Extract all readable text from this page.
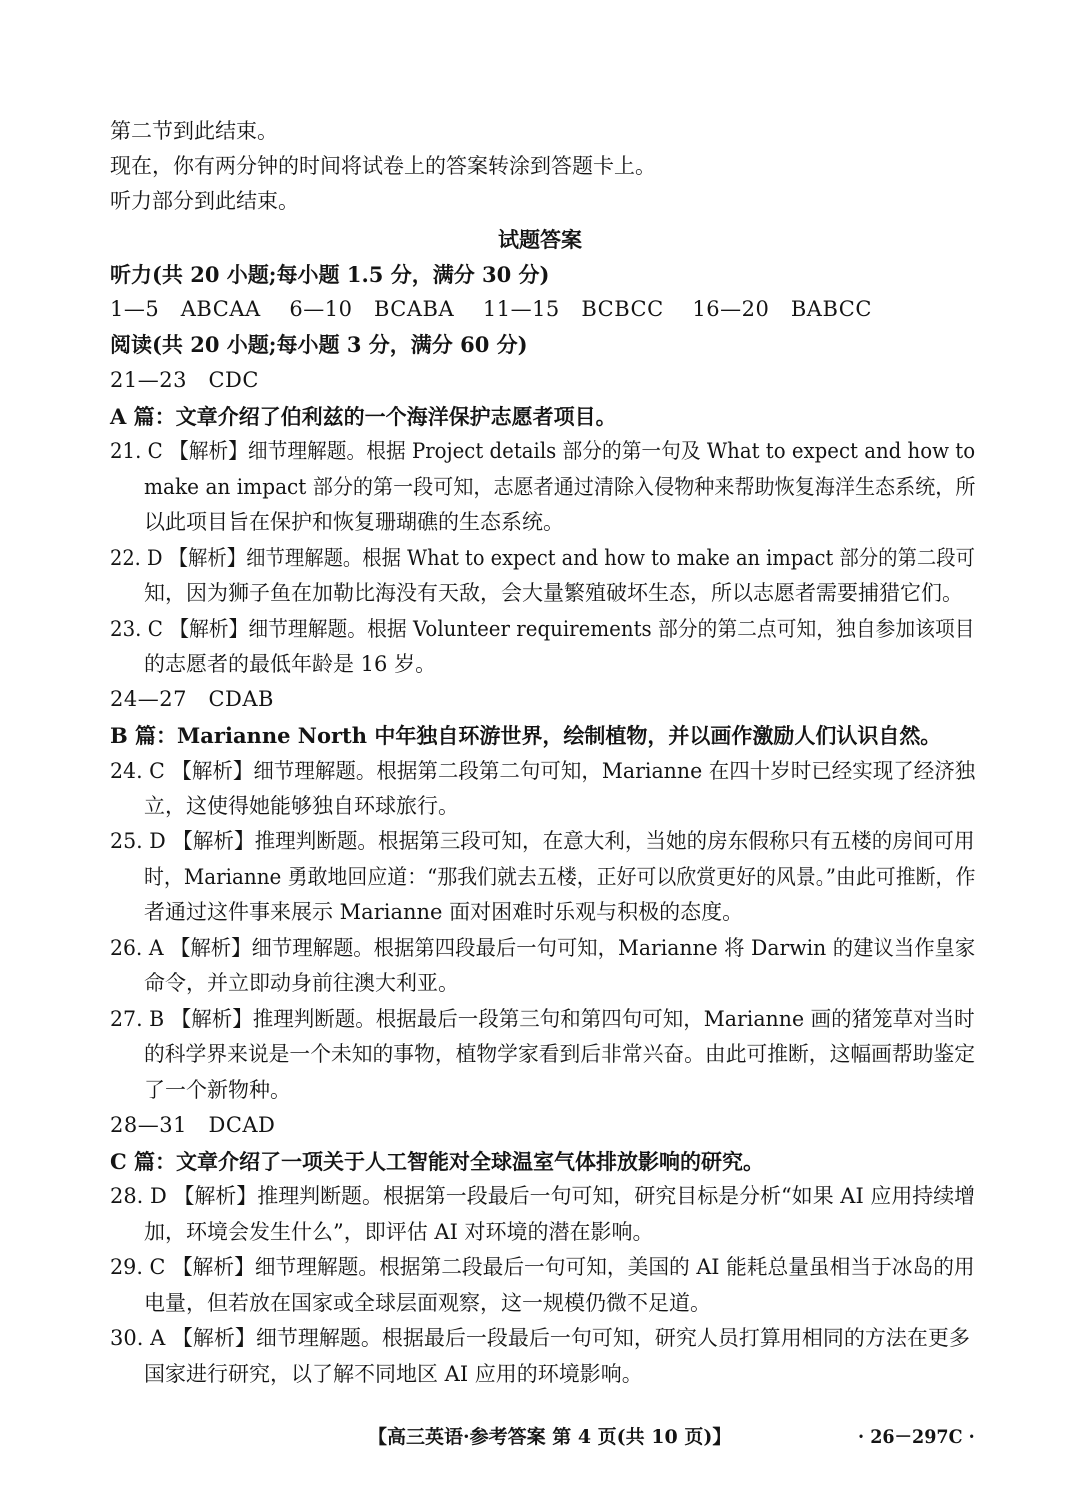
第二节到此结束。
现在，你有两分钟的时间将试卷上的答案转涂到答题卡上。
听力部分到此结束。
试题答案
听力(共 20 小题;每小题 1.5 分，满分 30 分)
1—5 ABCAA 6—10 BCABA 11—15 BCBCC 16—20 BABCC
阅读(共 20 小题;每小题 3 分，满分 60 分)
21—23 CDC
A 篇：文章介绍了伯利兹的一个海洋保护志愿者项目。
21. C 【解析】细节理解题。根据 Project details 部分的第一句及 What to expect and how to
make an impact 部分的第一段可知，志愿者通过清除入侵物种来帮助恢复海洋生态系统，所
以此项目旨在保护和恢复珊瑚礁的生态系统。
22. D 【解析】细节理解题。根据 What to expect and how to make an impact 部分的第二段可
知，因为狮子鱼在加勒比海没有天敌，会大量繁殖破坏生态，所以志愿者需要捕猎它们。
23. C 【解析】细节理解题。根据 Volunteer requirements 部分的第二点可知，独自参加该项目
的志愿者的最低年龄是 16 岁。
24—27 CDAB
B 篇：Marianne North 中年独自环游世界，绘制植物，并以画作激励人们认识自然。
24. C 【解析】细节理解题。根据第二段第二句可知，Marianne 在四十岁时已经实现了经济独
立，这使得她能够独自环球旅行。
25. D 【解析】推理判断题。根据第三段可知，在意大利，当她的房东假称只有五楼的房间可用
时，Marianne 勇敢地回应道：“那我们就去五楼，正好可以欣赏更好的风景。”由此可推断，作
者通过这件事来展示 Marianne 面对困难时乐观与积极的态度。
26. A 【解析】细节理解题。根据第四段最后一句可知，Marianne 将 Darwin 的建议当作皇家
命令，并立即动身前往澳大利亚。
27. B 【解析】推理判断题。根据最后一段第三句和第四句可知，Marianne 画的猪笼草对当时
的科学界来说是一个未知的事物，植物学家看到后非常兴奋。由此可推断，这幅画帮助鉴定
了一个新物种。
28—31 DCAD
C 篇：文章介绍了一项关于人工智能对全球温室气体排放影响的研究。
28. D 【解析】推理判断题。根据第一段最后一句可知，研究目标是分析“如果 AI 应用持续增
加，环境会发生什么”，即评估 AI 对环境的潜在影响。
29. C 【解析】细节理解题。根据第二段最后一句可知，美国的 AI 能耗总量虽相当于冰岛的用
电量，但若放在国家或全球层面观察，这一规模仍微不足道。
30. A 【解析】细节理解题。根据最后一段最后一句可知，研究人员打算用相同的方法在更多
国家进行研究，以了解不同地区 AI 应用的环境影响。
【高三英语·参考答案 第 4 页(共 10 页)】	· 26－297C ·
